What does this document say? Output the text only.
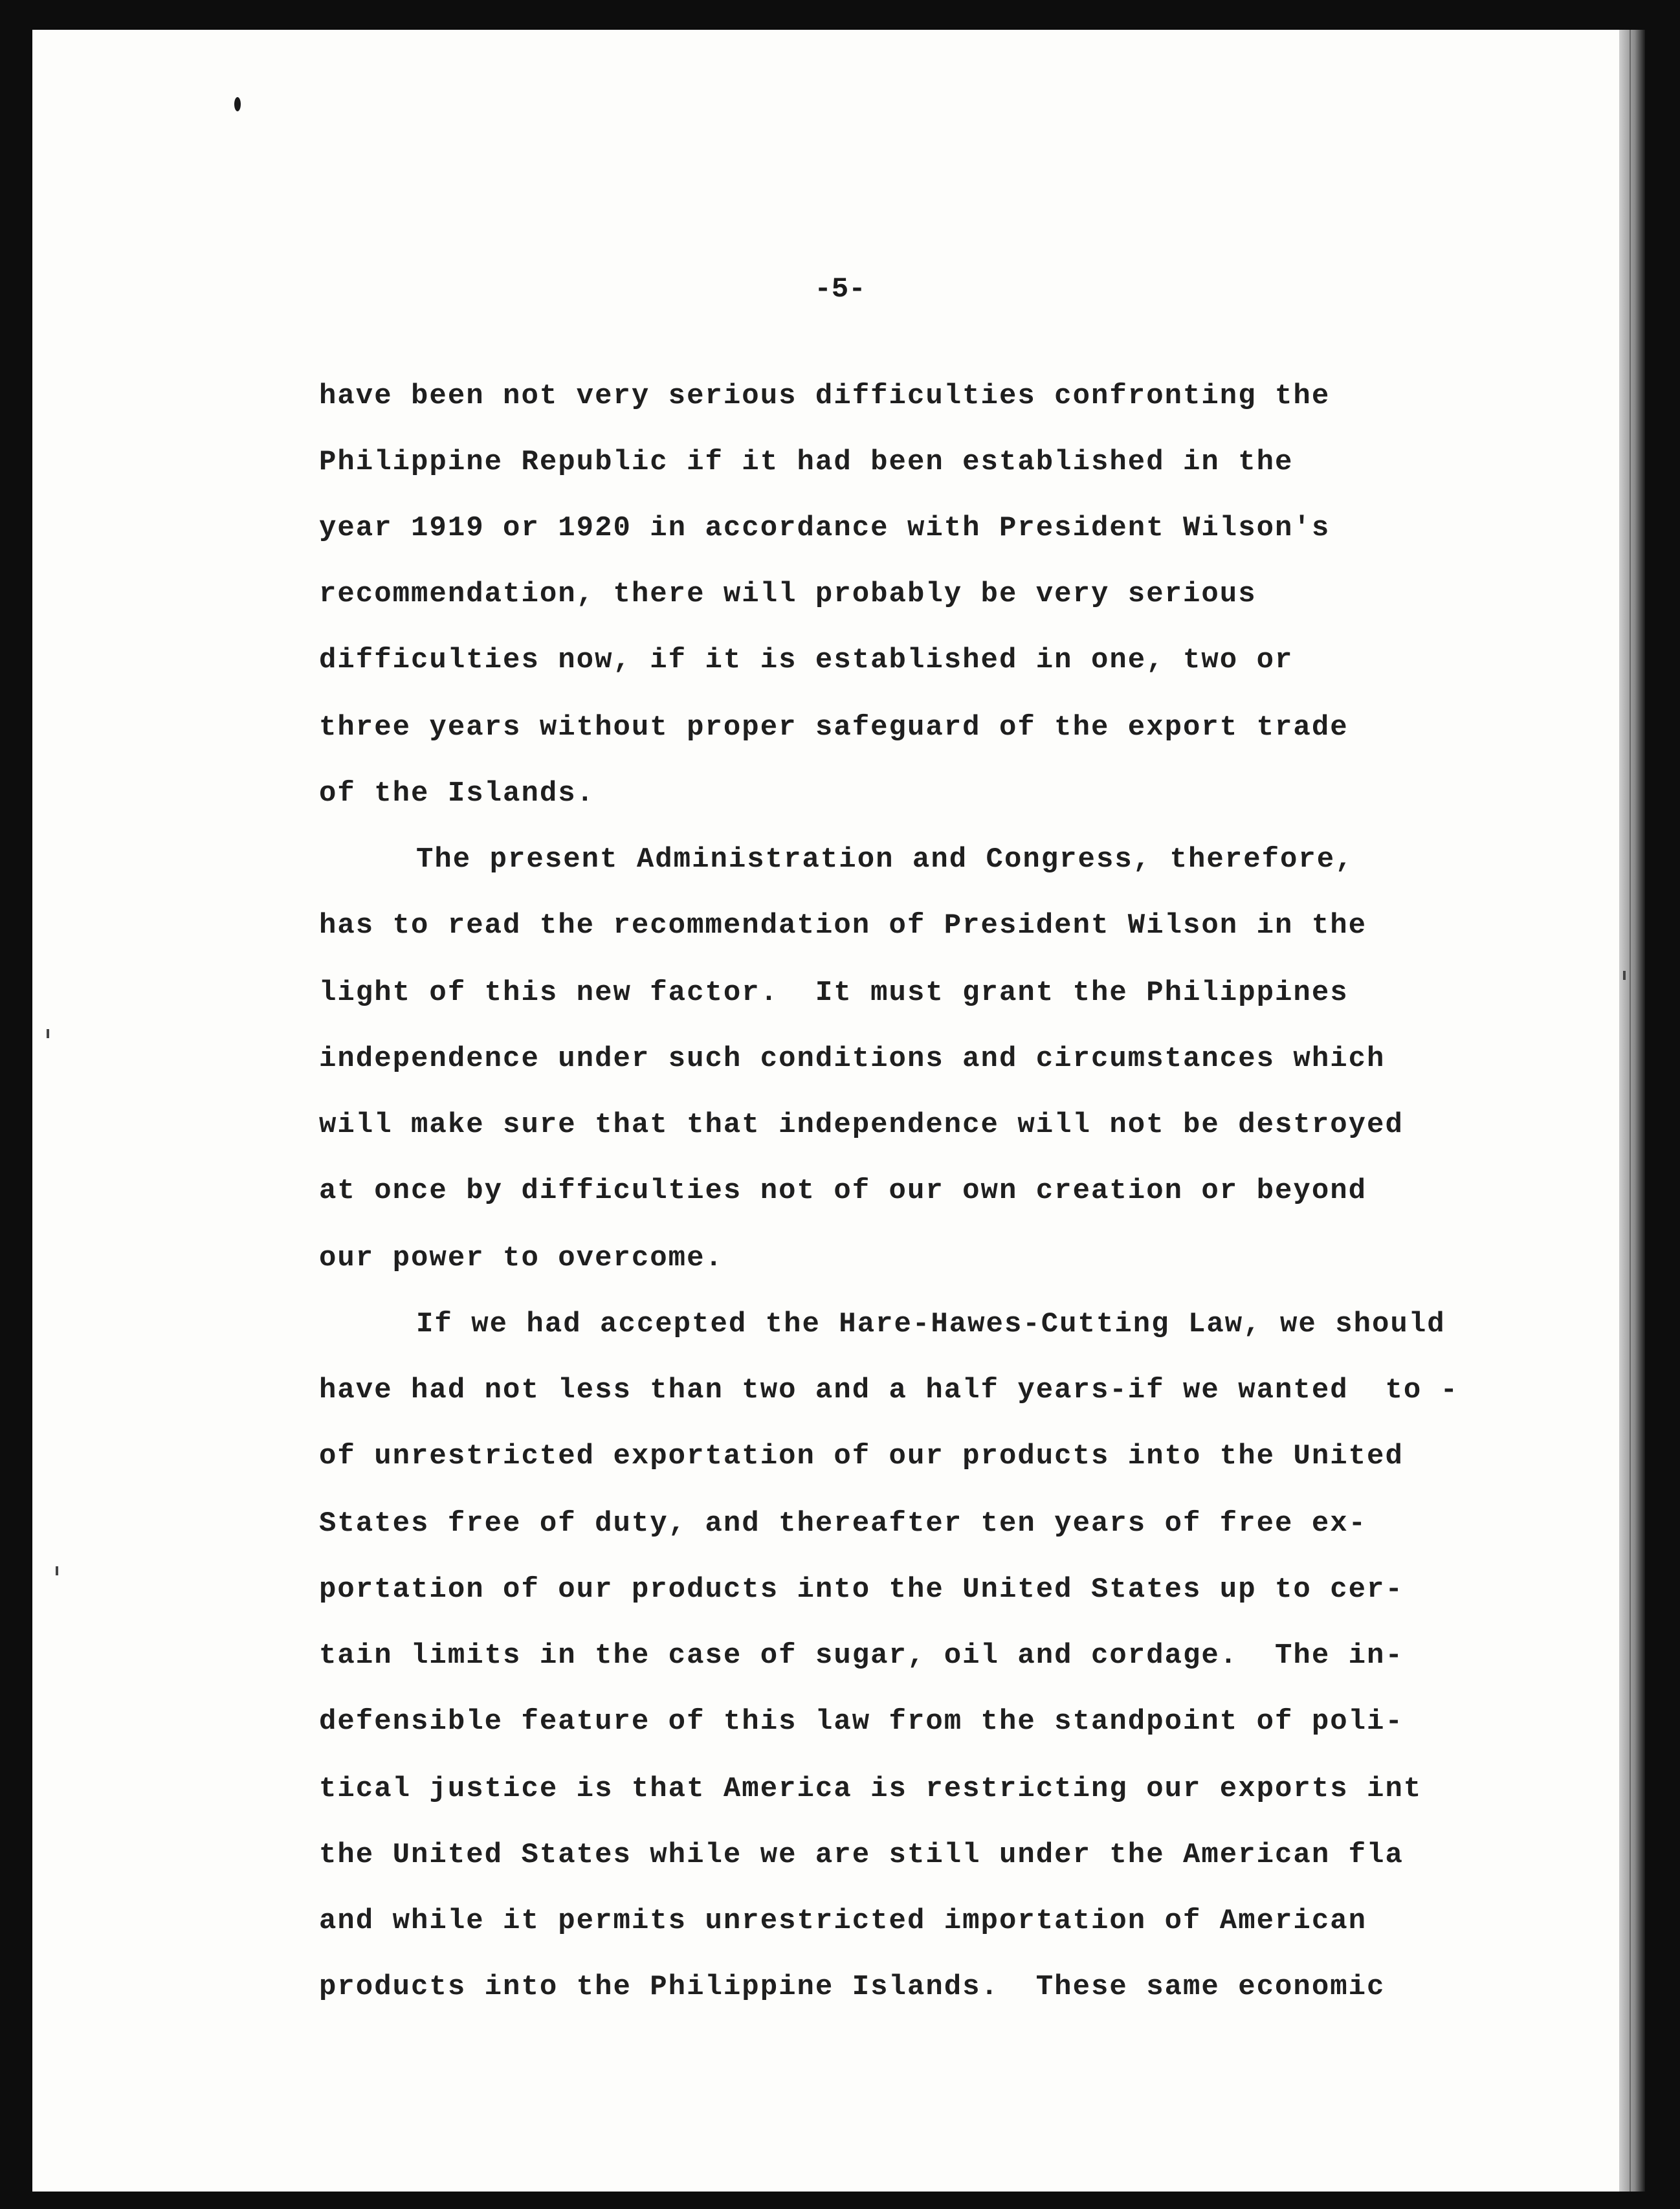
-5-

have been not very serious difficulties confronting the

Philippine Republic if it had been established in the

year 1919 or 1920 in accordance with President Wilson's

recommendation, there will probably be very serious

difficulties now, if it is established in one, two or

three years without proper safeguard of the export trade

of the Islands.

The present Administration and Congress, therefore,

has to read the recommendation of President Wilson in the

light of this new factor.  It must grant the Philippines

independence under such conditions and circumstances which

will make sure that that independence will not be destroyed

at once by difficulties not of our own creation or beyond

our power to overcome.

If we had accepted the Hare-Hawes-Cutting Law, we should

have had not less than two and a half years-if we wanted  to -

of unrestricted exportation of our products into the United

States free of duty, and thereafter ten years of free ex-

portation of our products into the United States up to cer-

tain limits in the case of sugar, oil and cordage.  The in-

defensible feature of this law from the standpoint of poli-

tical justice is that America is restricting our exports int

the United States while we are still under the American fla

and while it permits unrestricted importation of American

products into the Philippine Islands.  These same economic
